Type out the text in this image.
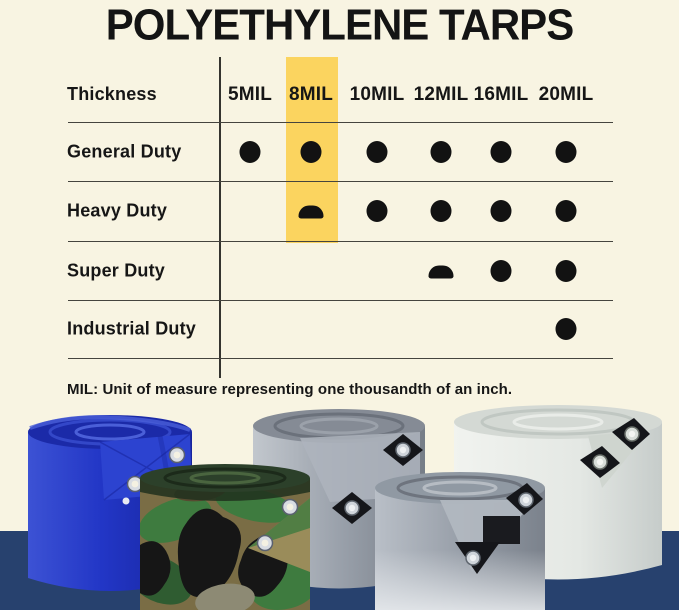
POLYETHYLENE TARPS
Thickness	5MIL 8MIL 10MIL 12MIL 16MIL 20MIL
General Duty
Heavy Duty
Super Duty
Industrial Duty
MIL: Unit of measure representing one thousandth of an inch.
